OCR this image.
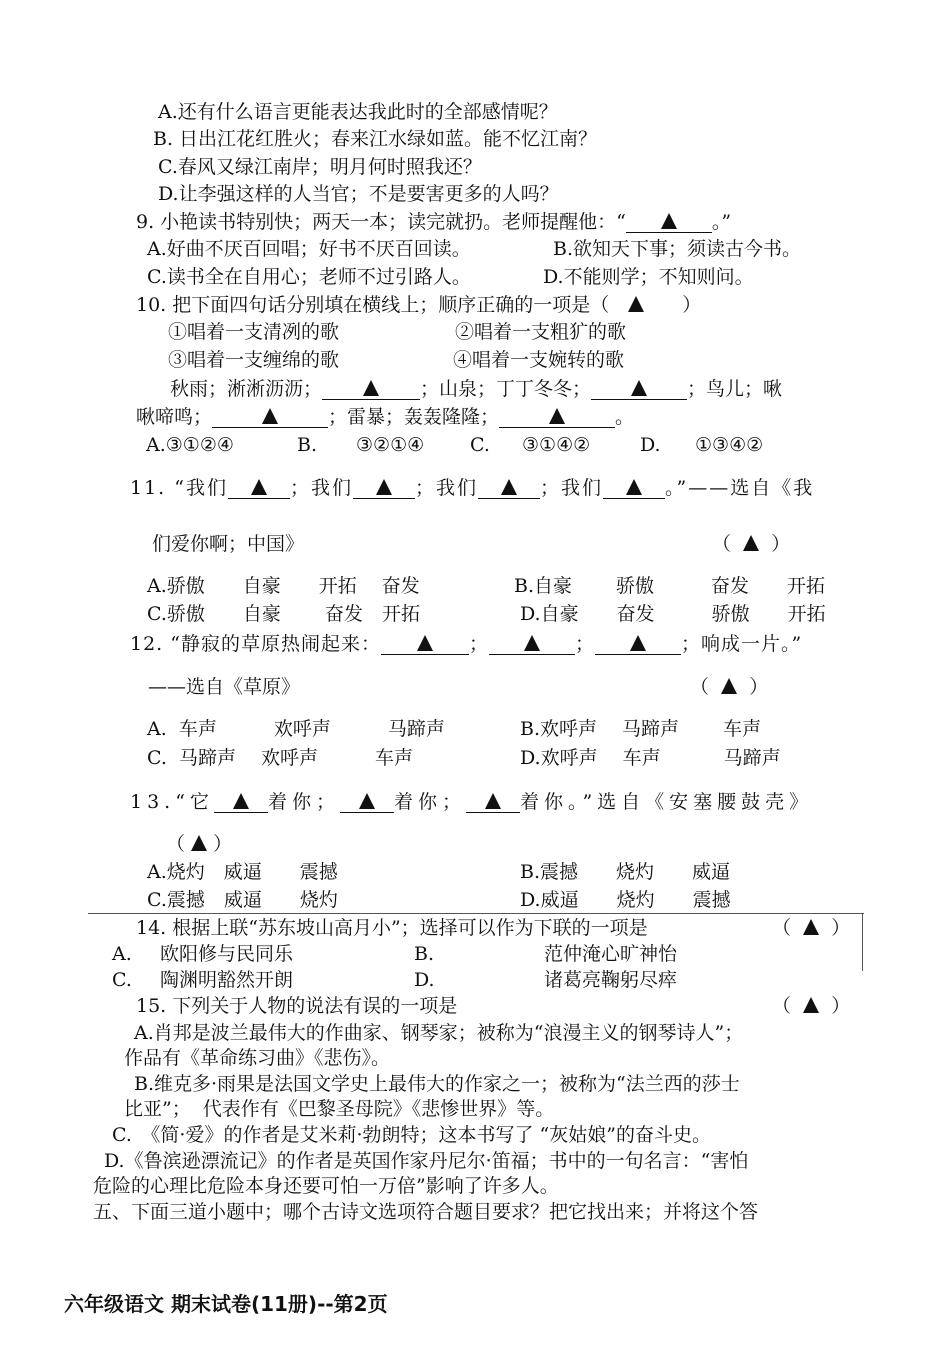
A.还有什么语言更能表达我此时的全部感情呢？
B. 日出江花红胜火；春来江水绿如蓝。能不忆江南？
C.春风又绿江南岸；明月何时照我还？
D.让李强这样的人当官；不是要害更多的人吗？
9. 小艳读书特别快；两天一本；读完就扔。老师提醒他：“	。”
A.好曲不厌百回唱；好书不厌百回读。	B.欲知天下事；须读古今书。
C.读书全在自用心；老师不过引路人。	D.不能则学；不知则问。
10. 把下面四句话分别填在横线上；顺序正确的一项是（　　　	）
①唱着一支清冽的歌	②唱着一支粗犷的歌
③唱着一支缠绵的歌	④唱着一支婉转的歌
秋雨；淅淅沥沥；	；山泉；丁丁冬冬；	；鸟儿；啾
啾啼鸣；	；雷暴；轰轰隆隆；	。
A.③①②④	B. ③②①④ C. ③①④②	D. ①③④②
11. “我们	；我们	；我们	；我们	。”——选自《我
们爱你啊；中国》	（ ）
A.骄傲　　自豪　　开拓　 奋发	B.自豪　　 骄傲　　　奋发　　开拓
C.骄傲　　自豪　　 奋发　开拓	D.自豪　　奋发　　　骄傲　　开拓
12. “静寂的草原热闹起来：	；	；	；响成一片。”
——选自《草原》	（ ）
A.  车声　　　欢呼声　　　马蹄声	B.欢呼声　 马蹄声　　 车声
C.  马蹄声　 欢呼声　　　车声	D.欢呼声　 车声　　　 马蹄声
13.“它	着你；	着你；	着你。”选自《安塞腰鼓壳》
（ ）
A.烧灼　威逼　　震撼	B.震撼　　烧灼　　威逼
C.震撼　威逼　　烧灼	D.威逼　　烧灼　　震撼
14. 根据上联“苏东坡山高月小”；选择可以作为下联的一项是	（ ）
A. 欧阳修与民同乐	B.	范仲淹心旷神怡
C. 陶渊明豁然开朗	D.	诸葛亮鞠躬尽瘁
15. 下列关于人物的说法有误的一项是	（ ）
A.肖邦是波兰最伟大的作曲家、钢琴家；被称为“浪漫主义的钢琴诗人”；
作品有《革命练习曲》《悲伤》。
B.维克多·雨果是法国文学史上最伟大的作家之一；被称为“法兰西的莎士
比亚”；  代表作有《巴黎圣母院》《悲惨世界》等。
C.　《简·爱》的作者是艾米莉·勃朗特；这本书写了 “灰姑娘”的奋斗史。
D.《鲁滨逊漂流记》的作者是英国作家丹尼尔·笛福；书中的一句名言：“害怕
危险的心理比危险本身还要可怕一万倍”影响了许多人。
五、下面三道小题中；哪个古诗文选项符合题目要求？把它找出来；并将这个答
六年级语文 期末试卷(11册)--第2页
